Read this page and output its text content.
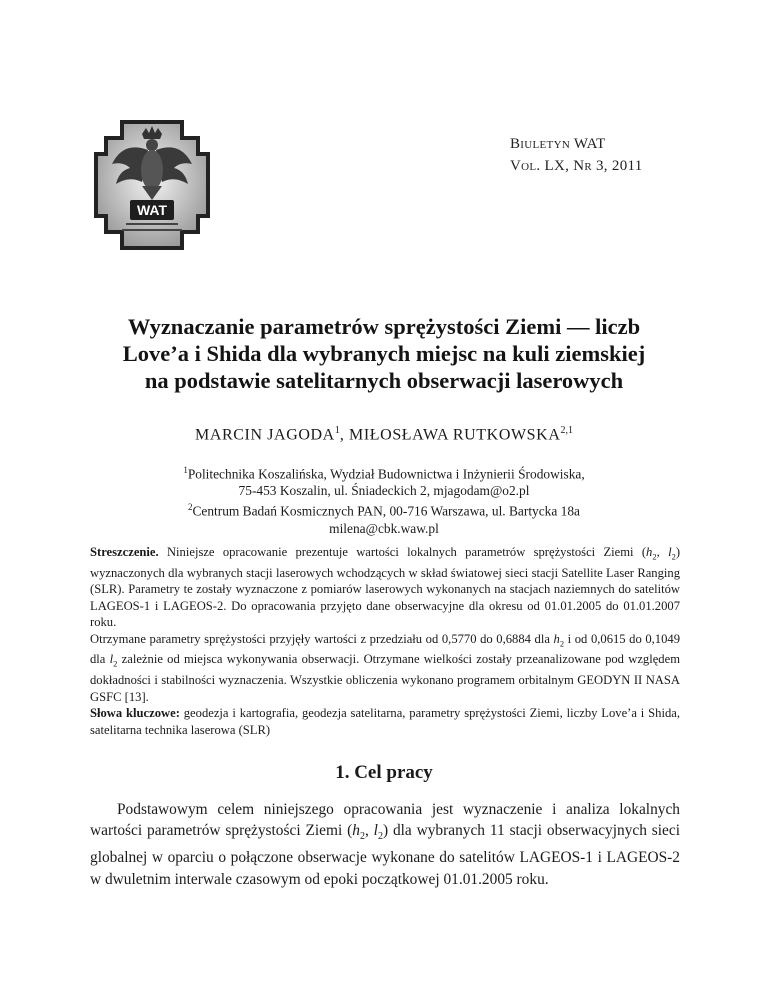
WAT
Biuletyn WAT
Vol. LX, Nr 3, 2011
Wyznaczanie parametrów sprężystości Ziemi — liczb
Love’a i Shida dla wybranych miejsc na kuli ziemskiej
na podstawie satelitarnych obserwacji laserowych
MARCIN JAGODA$^1$, MIŁOSŁAWA RUTKOWSKA$^{2,1}$
$^1$Politechnika Koszalińska, Wydział Budownictwa i Inżynierii Środowiska,
75-453 Koszalin, ul. Śniadeckich 2, mjagodam@o2.pl
$^2$Centrum Badań Kosmicznych PAN, 00-716 Warszawa, ul. Bartycka 18a
milena@cbk.waw.pl

Streszczenie. Niniejsze opracowanie prezentuje wartości lokalnych parametrów sprężystości Ziemi ($h_2$, $l_2$) wyznaczonych dla wybranych stacji laserowych wchodzących w skład światowej sieci stacji Satellite Laser Ranging (SLR). Parametry te zostały wyznaczone z pomiarów laserowych wykonanych na stacjach naziemnych do satelitów LAGEOS-1 i LAGEOS-2. Do opracowania przyjęto dane obserwacyjne dla okresu od 01.01.2005 do 01.01.2007 roku.

Otrzymane parametry sprężystości przyjęły wartości z przedziału od 0,5770 do 0,6884 dla $h_2$ i od 0,0615 do 0,1049 dla $l_2$ zależnie od miejsca wykonywania obserwacji. Otrzymane wielkości zostały przeanalizowane pod względem dokładności i stabilności wyznaczenia. Wszystkie obliczenia wykonano programem orbitalnym GEODYN II NASA GSFC [13].

Słowa kluczowe: geodezja i kartografia, geodezja satelitarna, parametry sprężystości Ziemi, liczby Love’a i Shida, satelitarna technika laserowa (SLR)

1. Cel pracy

Podstawowym celem niniejszego opracowania jest wyznaczenie i analiza lokalnych wartości parametrów sprężystości Ziemi ($h_2$, $l_2$) dla wybranych 11 stacji obserwacyjnych sieci globalnej w oparciu o połączone obserwacje wykonane do satelitów LAGEOS-1 i LAGEOS-2 w dwuletnim interwale czasowym od epoki początkowej 01.01.2005 roku.
